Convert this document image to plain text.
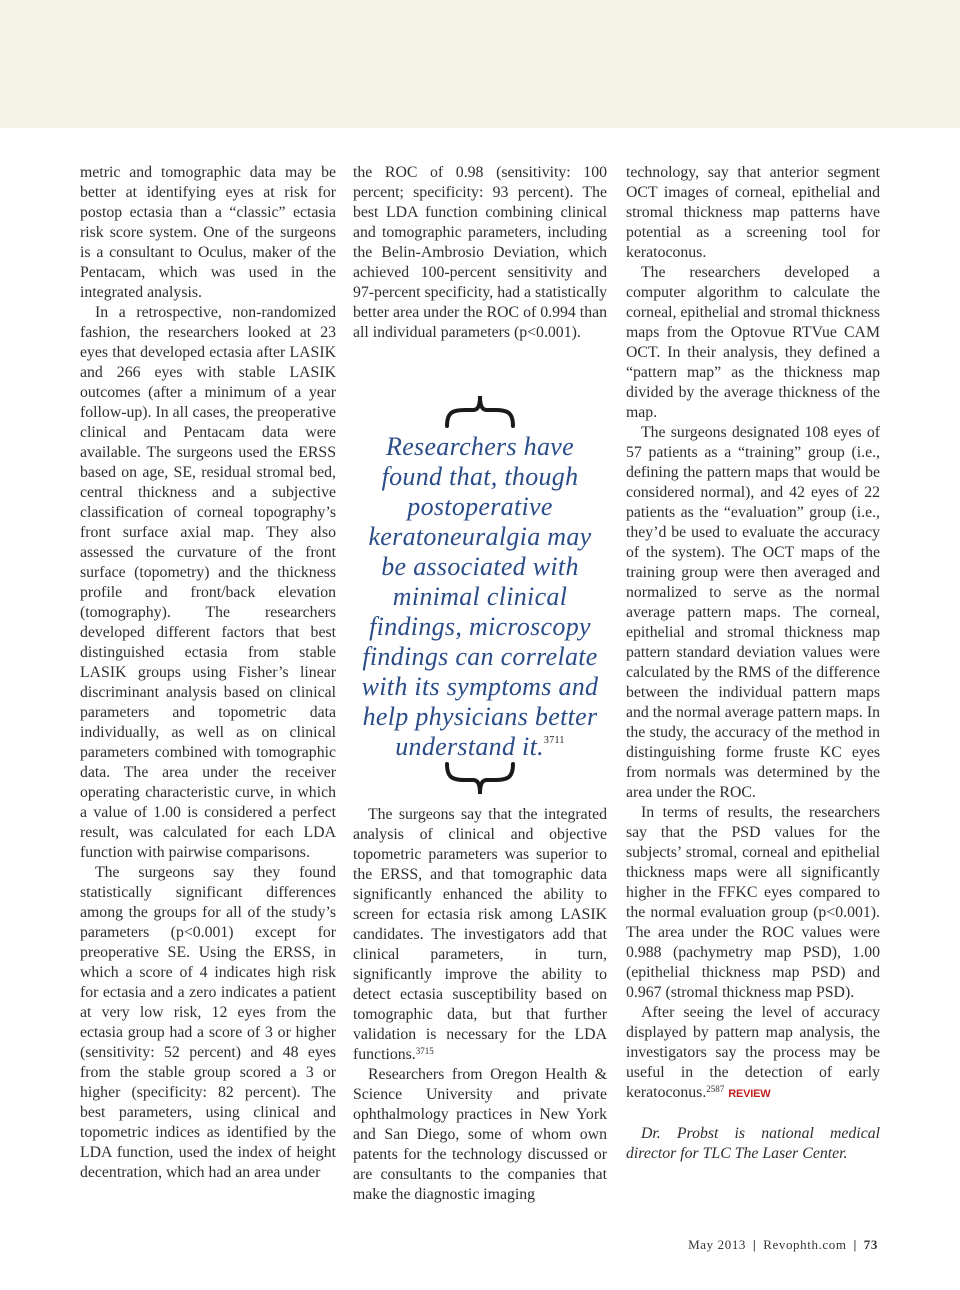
metric and tomographic data may be better at identifying eyes at risk for postop ectasia than a “classic” ectasia risk score system. One of the surgeons is a consultant to Oculus, maker of the Pentacam, which was used in the integrated analysis.

In a retrospective, non-randomized fashion, the researchers looked at 23 eyes that developed ectasia after LASIK and 266 eyes with stable LASIK outcomes (after a minimum of a year follow-up). In all cases, the preoperative clinical and Pentacam data were available. The surgeons used the ERSS based on age, SE, residual stromal bed, central thickness and a subjective classification of corneal topography’s front surface axial map. They also assessed the curvature of the front surface (topometry) and the thickness profile and front/back elevation (tomography). The researchers developed different factors that best distinguished ectasia from stable LASIK groups using Fisher’s linear discriminant analysis based on clinical parameters and topometric data individually, as well as on clinical parameters combined with tomographic data. The area under the receiver operating characteristic curve, in which a value of 1.00 is considered a perfect result, was calculated for each LDA function with pairwise comparisons.

The surgeons say they found statistically significant differences among the groups for all of the study’s parameters (p<0.001) except for preoperative SE. Using the ERSS, in which a score of 4 indicates high risk for ectasia and a zero indicates a patient at very low risk, 12 eyes from the ectasia group had a score of 3 or higher (sensitivity: 52 percent) and 48 eyes from the stable group scored a 3 or higher (specificity: 82 percent). The best parameters, using clinical and topometric indices as identified by the LDA function, used the index of height decentration, which had an area under

the ROC of 0.98 (sensitivity: 100 percent; specificity: 93 percent). The best LDA function combining clinical and tomographic parameters, including the Belin-Ambrosio Deviation, which achieved 100-percent sensitivity and 97-percent specificity, had a statistically better area under the ROC of 0.994 than all individual parameters (p<0.001).

Researchers have found that, though postoperative keratoneuralgia may be associated with minimal clinical findings, microscopy findings can correlate with its symptoms and help physicians better understand it.$^{3711}$

The surgeons say that the integrated analysis of clinical and objective topometric parameters was superior to the ERSS, and that tomographic data significantly enhanced the ability to screen for ectasia risk among LASIK candidates. The investigators add that clinical parameters, in turn, significantly improve the ability to detect ectasia susceptibility based on tomographic data, but that further validation is necessary for the LDA functions.$^{3715}$

Researchers from Oregon Health & Science University and private ophthalmology practices in New York and San Diego, some of whom own patents for the technology discussed or are consultants to the companies that make the diagnostic imaging

technology, say that anterior segment OCT images of corneal, epithelial and stromal thickness map patterns have potential as a screening tool for keratoconus.

The researchers developed a computer algorithm to calculate the corneal, epithelial and stromal thickness maps from the Optovue RTVue CAM OCT. In their analysis, they defined a “pattern map” as the thickness map divided by the average thickness of the map.

The surgeons designated 108 eyes of 57 patients as a “training” group (i.e., defining the pattern maps that would be considered normal), and 42 eyes of 22 patients as the “evaluation” group (i.e., they’d be used to evaluate the accuracy of the system). The OCT maps of the training group were then averaged and normalized to serve as the normal average pattern maps. The corneal, epithelial and stromal thickness map pattern standard deviation values were calculated by the RMS of the difference between the individual pattern maps and the normal average pattern maps. In the study, the accuracy of the method in distinguishing forme fruste KC eyes from normals was determined by the area under the ROC.

In terms of results, the researchers say that the PSD values for the subjects’ stromal, corneal and epithelial thickness maps were all significantly higher in the FFKC eyes compared to the normal evaluation group (p<0.001). The area under the ROC values were 0.988 (pachymetry map PSD), 1.00 (epithelial thickness map PSD) and 0.967 (stromal thickness map PSD).

After seeing the level of accuracy displayed by pattern map analysis, the investigators say the process may be useful in the detection of early keratoconus.$^{2587}$ REVIEW

Dr. Probst is national medical director for TLC The Laser Center.

May 2013 | Revophth.com | 73
